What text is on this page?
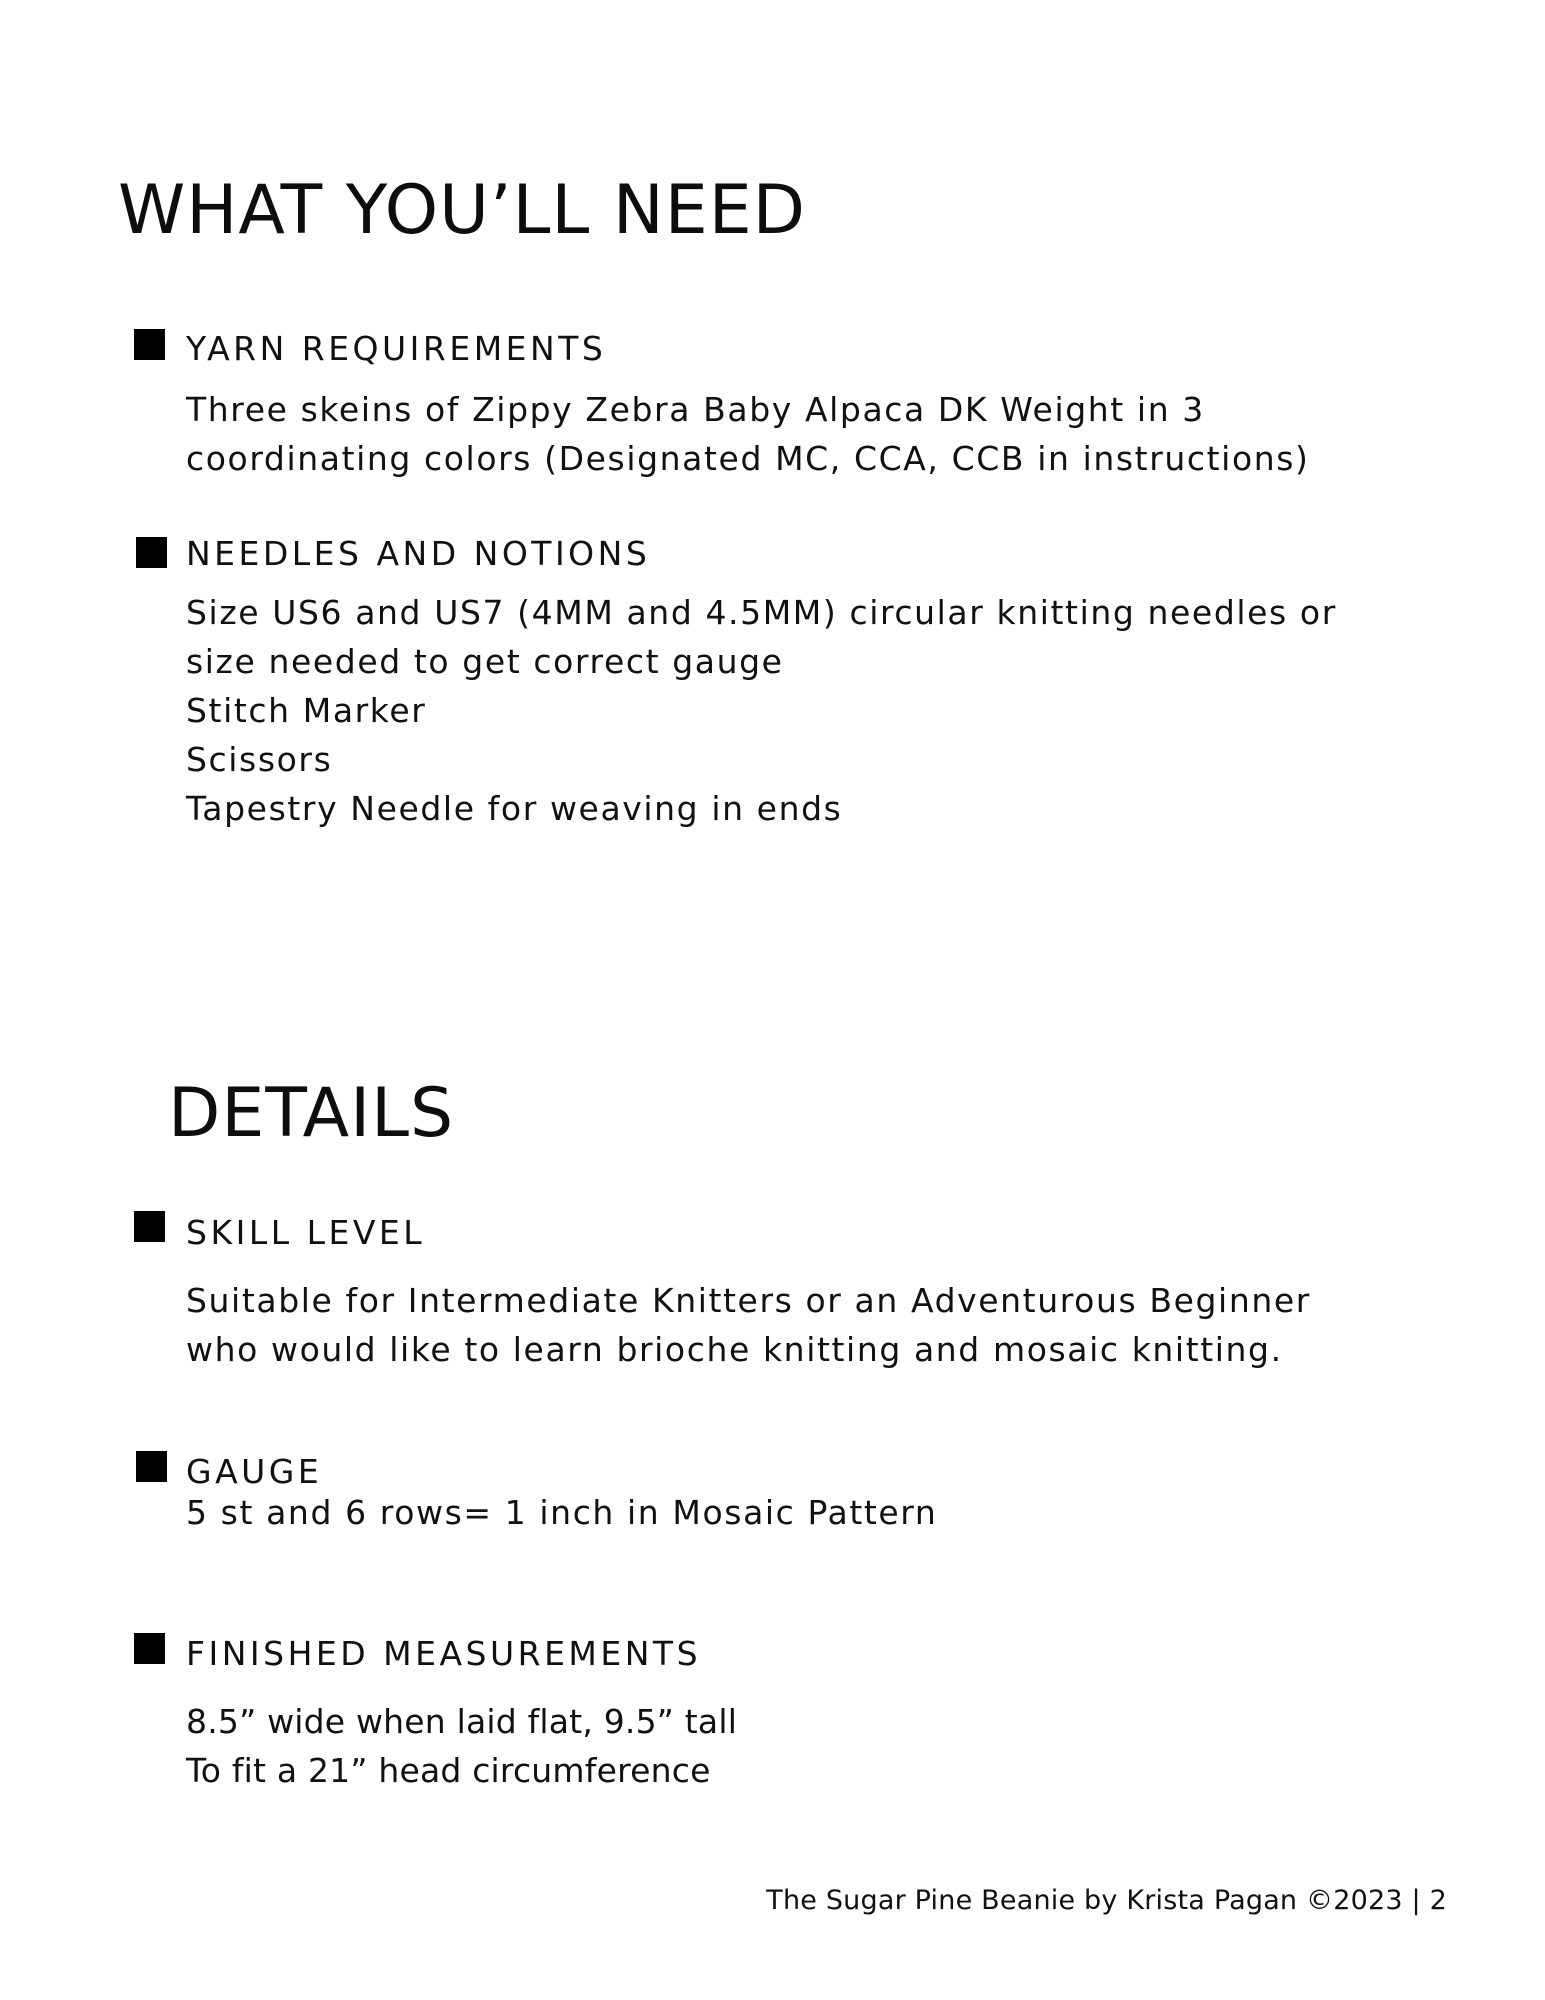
WHAT YOU’LL NEED
YARN REQUIREMENTS
Three skeins of Zippy Zebra Baby Alpaca DK Weight in 3
coordinating colors (Designated MC, CCA, CCB in instructions)
NEEDLES AND NOTIONS
Size US6 and US7 (4MM and 4.5MM) circular knitting needles or
size needed to get correct gauge
Stitch Marker
Scissors
Tapestry Needle for weaving in ends
DETAILS
SKILL LEVEL
Suitable for Intermediate Knitters or an Adventurous Beginner
who would like to learn brioche knitting and mosaic knitting.
GAUGE
5 st and 6 rows= 1 inch in Mosaic Pattern
FINISHED MEASUREMENTS
8.5” wide when laid flat, 9.5” tall
To fit a 21” head circumference
The Sugar Pine Beanie by Krista Pagan ©2023 | 2
